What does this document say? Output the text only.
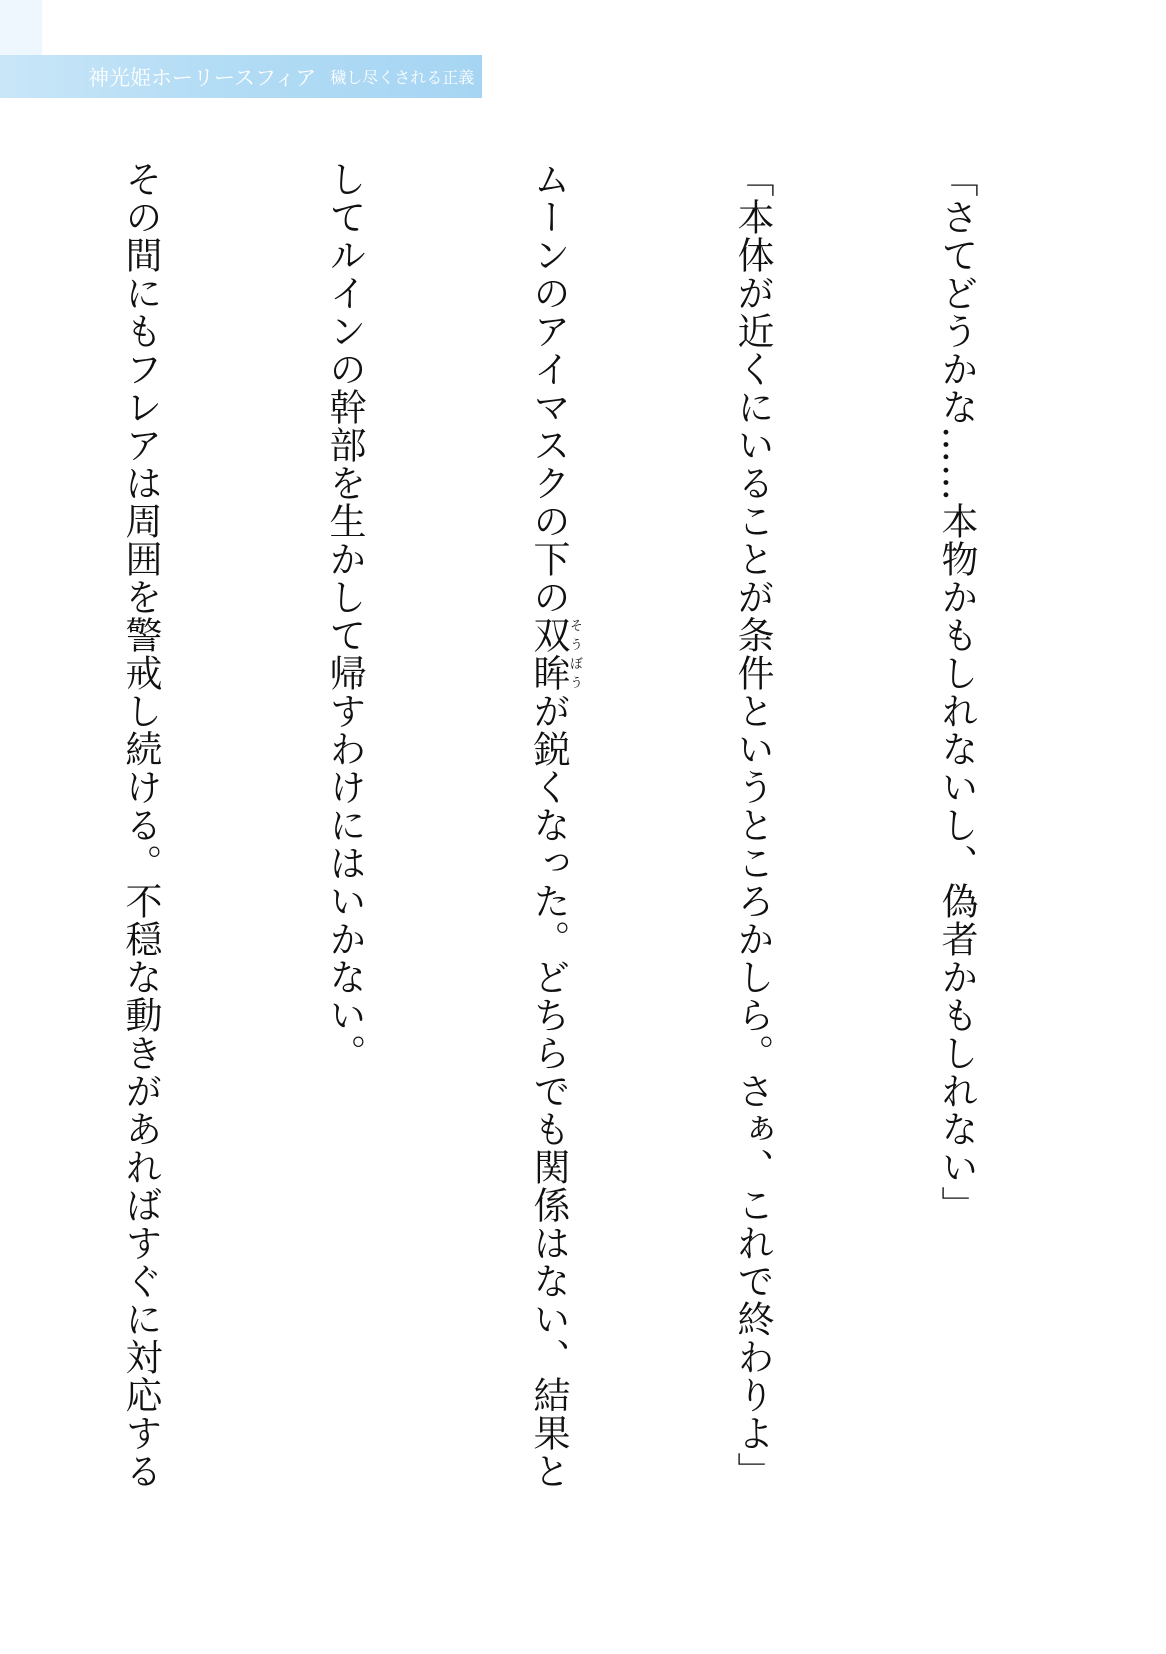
神光姫ホーリースフィア 穢し尽くされる正義

「さてどうかな……本物かもしれないし、偽者かもしれない」

「本体が近くにいることが条件というところかしら。さぁ、これで終わりよ」

ムーンのアイマスクの下の双眸そうぼうが鋭くなった。どちらでも関係はない、結果と

してルインの幹部を生かして帰すわけにはいかない。

その間にもフレアは周囲を警戒し続ける。不穏な動きがあればすぐに対応する
